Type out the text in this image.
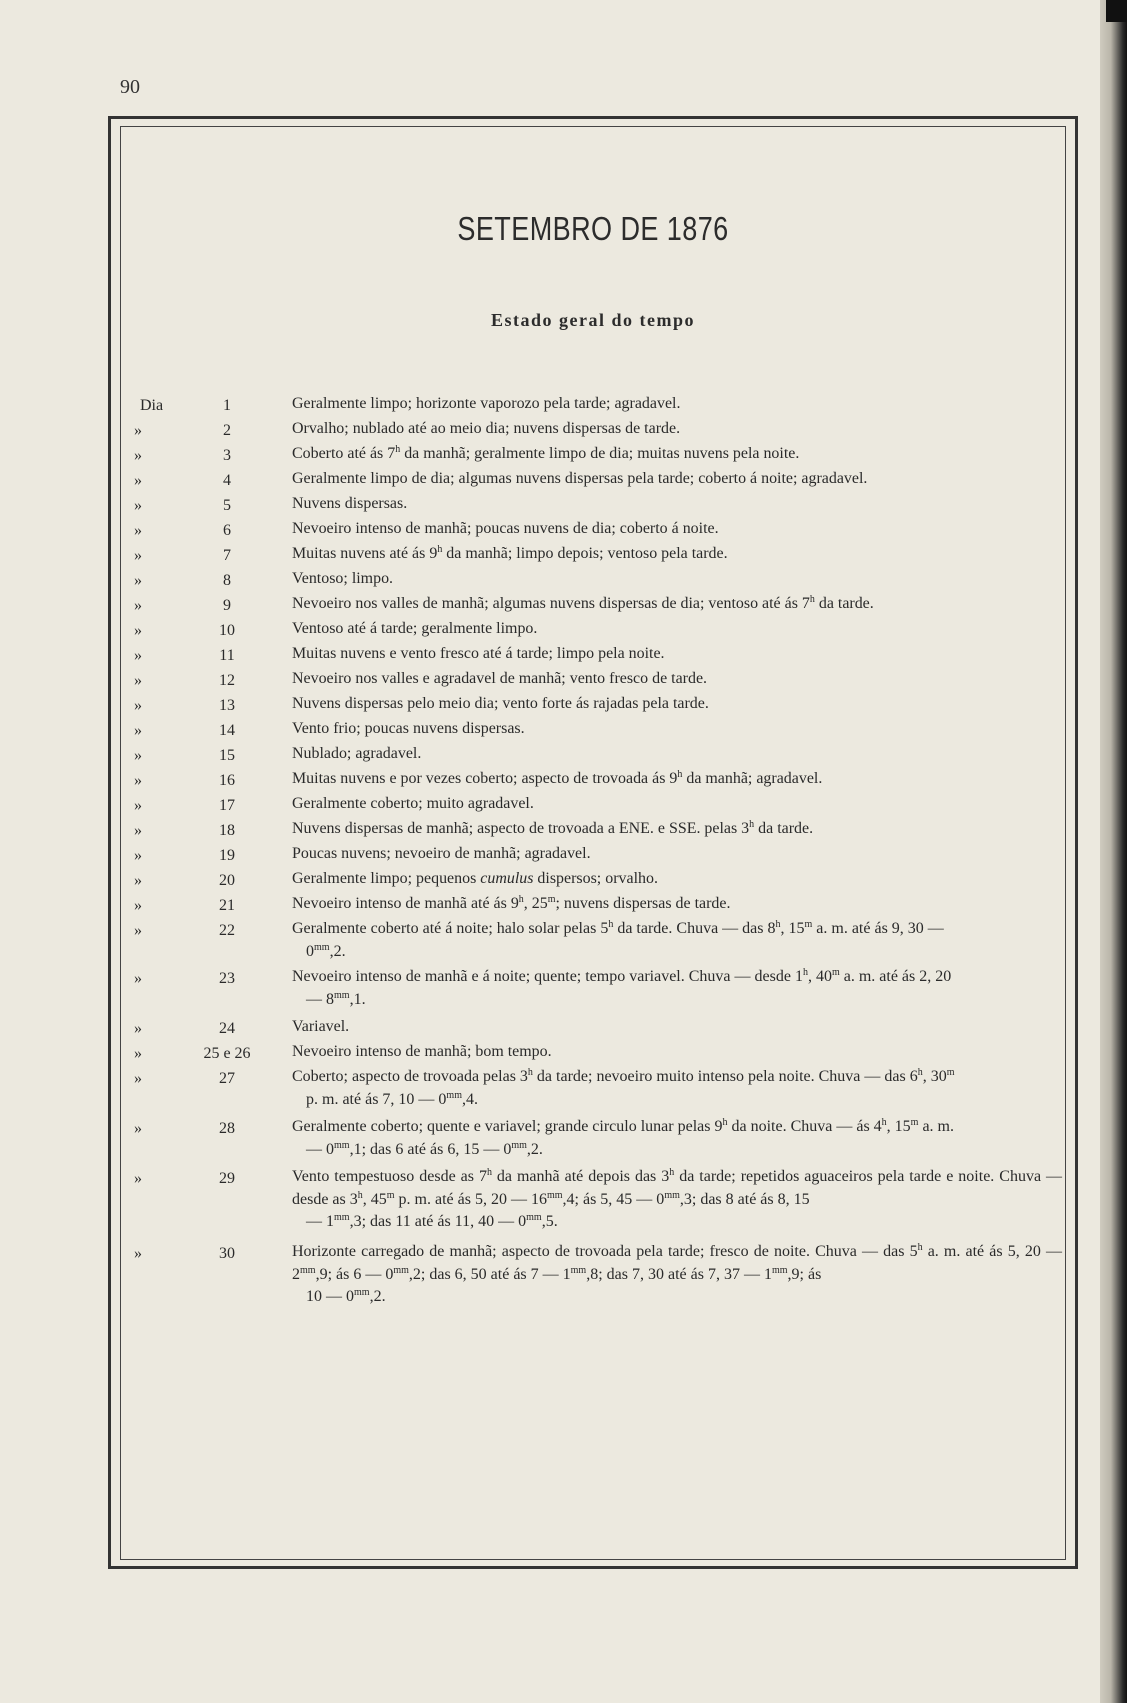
90
SETEMBRO DE 1876
Estado geral do tempo
Dia	1	Geralmente limpo; horizonte vaporozo pela tarde; agradavel.
»	2	Orvalho; nublado até ao meio dia; nuvens dispersas de tarde.
»	3	Coberto até ás 7$^h$ da manhã; geralmente limpo de dia; muitas nuvens pela noite.
»	4	Geralmente limpo de dia; algumas nuvens dispersas pela tarde; coberto á noite; agradavel.
»	5	Nuvens dispersas.
»	6	Nevoeiro intenso de manhã; poucas nuvens de dia; coberto á noite.
»	7	Muitas nuvens até ás 9$^h$ da manhã; limpo depois; ventoso pela tarde.
»	8	Ventoso; limpo.
»	9	Nevoeiro nos valles de manhã; algumas nuvens dispersas de dia; ventoso até ás 7$^h$ da tarde.
»	10	Ventoso até á tarde; geralmente limpo.
»	11	Muitas nuvens e vento fresco até á tarde; limpo pela noite.
»	12	Nevoeiro nos valles e agradavel de manhã; vento fresco de tarde.
»	13	Nuvens dispersas pelo meio dia; vento forte ás rajadas pela tarde.
»	14	Vento frio; poucas nuvens dispersas.
»	15	Nublado; agradavel.
»	16	Muitas nuvens e por vezes coberto; aspecto de trovoada ás 9$^h$ da manhã; agradavel.
»	17	Geralmente coberto; muito agradavel.
»	18	Nuvens dispersas de manhã; aspecto de trovoada a ENE. e SSE. pelas 3$^h$ da tarde.
»	19	Poucas nuvens; nevoeiro de manhã; agradavel.
»	20	Geralmente limpo; pequenos cumulus dispersos; orvalho.
»	21	Nevoeiro intenso de manhã até ás 9$^h$, 25$^m$; nuvens dispersas de tarde.
»	22	Geralmente coberto até á noite; halo solar pelas 5$^h$ da tarde. Chuva — das 8$^h$, 15$^m$ a. m. até ás 9, 30 —
$0^{mm},2$.
»	23	Nevoeiro intenso de manhã e á noite; quente; tempo variavel. Chuva — desde 1$^h$, 40$^m$ a. m. até ás 2, 20
— $8^{mm},1$.
»	24	Variavel.
»	25 e 26	Nevoeiro intenso de manhã; bom tempo.
»	27	Coberto; aspecto de trovoada pelas 3$^h$ da tarde; nevoeiro muito intenso pela noite. Chuva — das 6$^h$, 30$^m$
p. m. até ás 7, 10 — $0^{mm},4$.
»	28	Geralmente coberto; quente e variavel; grande circulo lunar pelas 9$^h$ da noite. Chuva — ás 4$^h$, 15$^m$ a. m.
— $0^{mm},1$; das 6 até ás 6, 15 — $0^{mm},2$.
»	29	Vento tempestuoso desde as 7$^h$ da manhã até depois das 3$^h$ da tarde; repetidos aguaceiros pela tarde e noite. Chuva — desde as 3$^h$, 45$^m$ p. m. até ás 5, 20 — $16^{mm},4$; ás 5, 45 — $0^{mm},3$; das 8 até ás 8, 15
— $1^{mm},3$; das 11 até ás 11, 40 — $0^{mm},5$.
»	30	Horizonte carregado de manhã; aspecto de trovoada pela tarde; fresco de noite. Chuva — das 5$^h$ a. m. até ás 5, 20 — $2^{mm},9$; ás 6 — $0^{mm},2$; das 6, 50 até ás 7 — $1^{mm},8$; das 7, 30 até ás 7, 37 — $1^{mm},9$; ás
10 — $0^{mm},2$.
